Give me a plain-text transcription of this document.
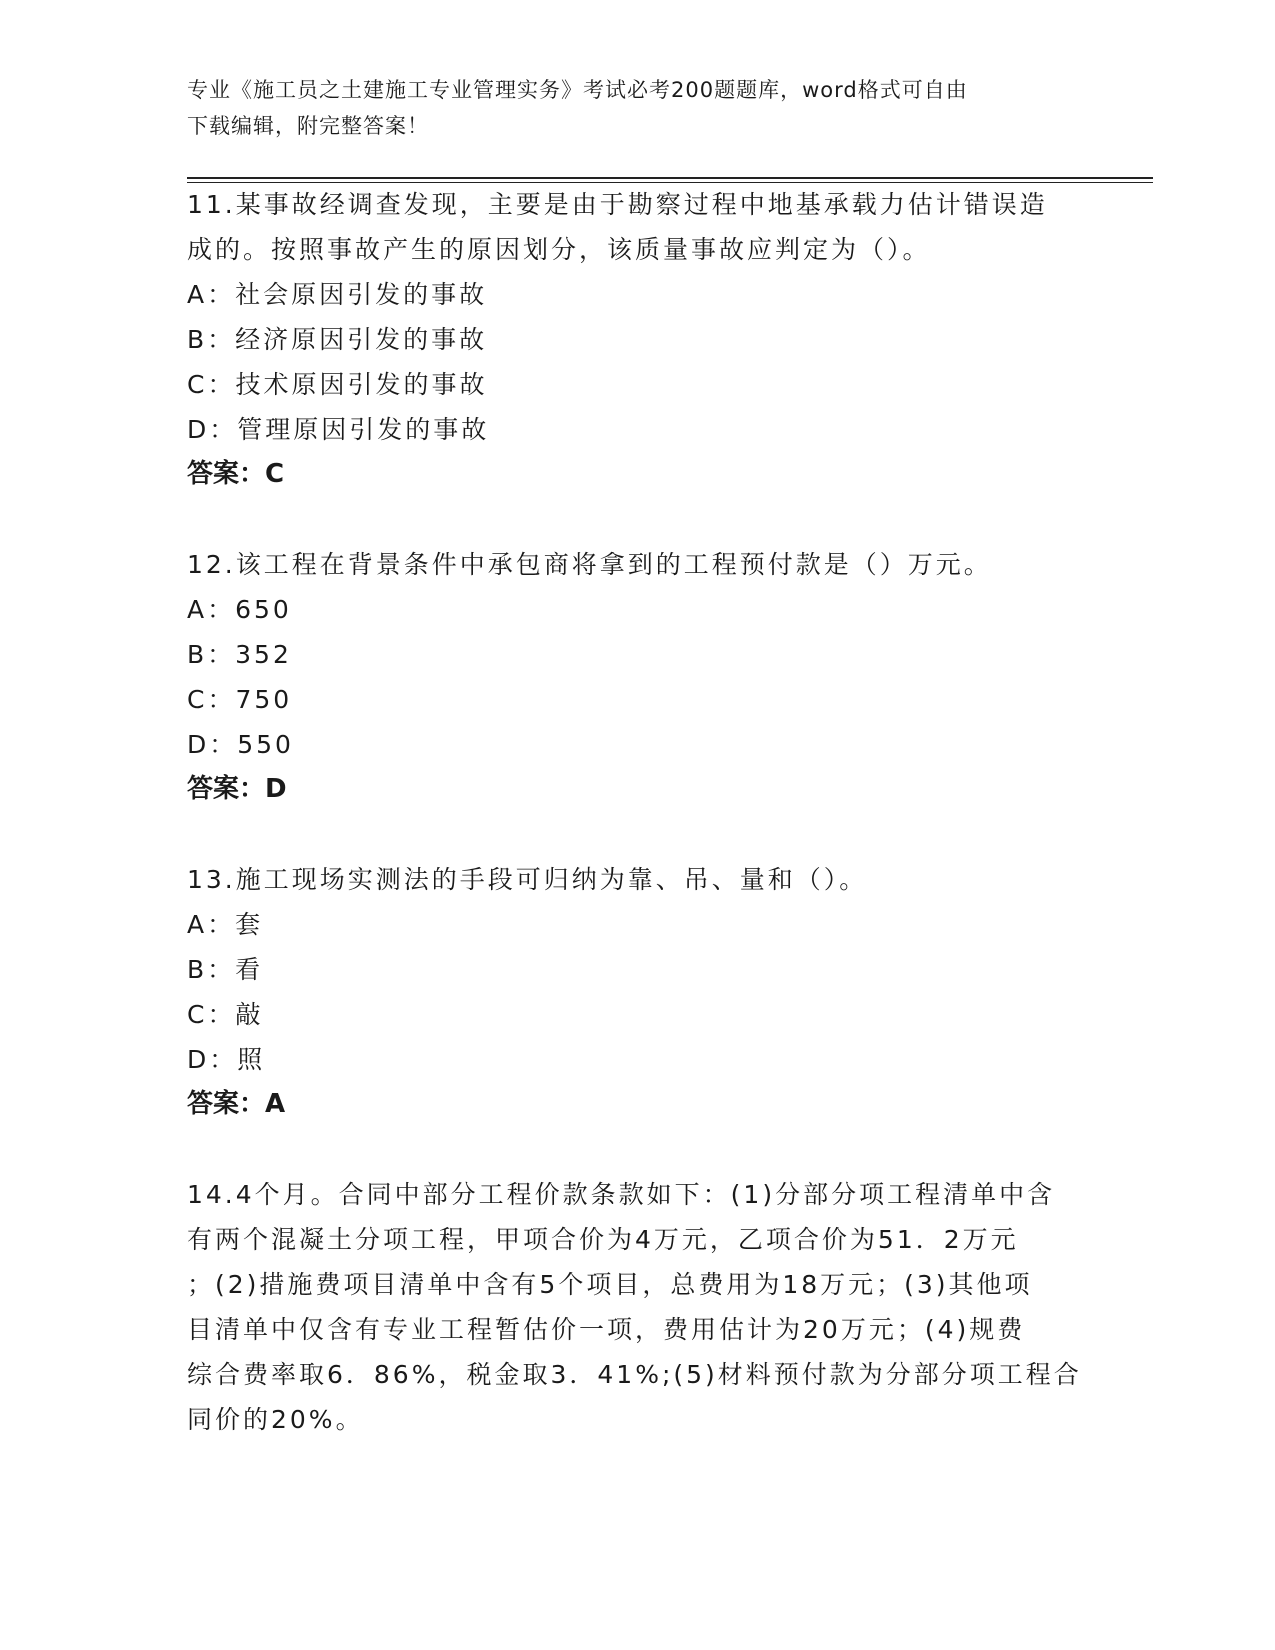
专业《施工员之土建施工专业管理实务》考试必考200题题库，word格式可自由
下载编辑，附完整答案！
11.某事故经调查发现，主要是由于勘察过程中地基承载力估计错误造
成的。按照事故产生的原因划分，该质量事故应判定为（）。
A：社会原因引发的事故
B：经济原因引发的事故
C：技术原因引发的事故
D：管理原因引发的事故
答案：C
12.该工程在背景条件中承包商将拿到的工程预付款是（）万元。
A：650
B：352
C：750
D：550
答案：D
13.施工现场实测法的手段可归纳为靠、吊、量和（）。
A：套
B：看
C：敲
D：照
答案：A
14.4个月。合同中部分工程价款条款如下：(1)分部分项工程清单中含
有两个混凝土分项工程，甲项合价为4万元，乙项合价为51．2万元
；(2)措施费项目清单中含有5个项目，总费用为18万元；(3)其他项
目清单中仅含有专业工程暂估价一项，费用估计为20万元；(4)规费
综合费率取6．86%，税金取3．41%;(5)材料预付款为分部分项工程合
同价的20%。
